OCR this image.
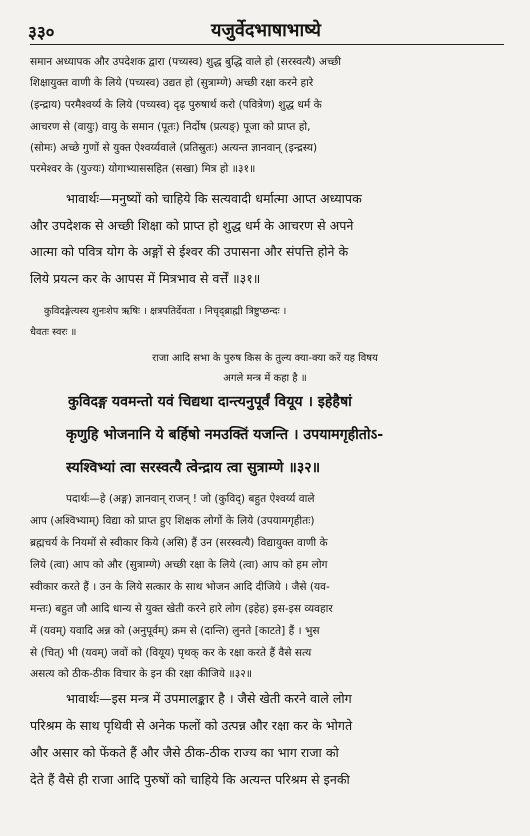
३३०	यजुर्वेदभाषाभाष्ये
समान अध्यापक और उपदेशक द्वारा (पच्यस्व) शुद्ध बुद्धि वाले हो (सरस्वत्यै) अच्छी
शिक्षायुक्त वाणी के लिये (पच्यस्व) उद्यत हो (सुत्राम्णे) अच्छी रक्षा करने हारे
(इन्द्राय) परमैश्वर्य्य के लिये (पच्यस्व) दृढ़ पुरुषार्थ करो (पवित्रेण) शुद्ध धर्म के
आचरण से (वायुः) वायु के समान (पूतः) निर्दोष (प्रत्यङ्) पूजा को प्राप्त हो,
(सोमः) अच्छे गुणों से युक्त ऐश्वर्य्यवाले (प्रतिस्रुतः) अत्यन्त ज्ञानवान् (इन्द्रस्य)
परमेश्वर के (युज्यः) योगाभ्याससहित (सखा) मित्र हो ॥३१॥
भावार्थः—मनुष्यों को चाहिये कि सत्यवादी धर्मात्मा आप्त अध्यापक
और उपदेशक से अच्छी शिक्षा को प्राप्त हो शुद्ध धर्म के आचरण से अपने
आत्मा को पवित्र योग के अङ्गों से ईश्वर की उपासना और संपत्ति होने के
लिये प्रयत्न कर के आपस में मित्रभाव से वर्त्तें ॥३१॥
कुविदङ्गेत्यस्य शुनःशेप ऋषिः । क्षत्रपतिर्देवता । निचृद्ब्राह्मी त्रिष्टुप्छन्दः ।
धैवतः स्वरः ॥
राजा आदि सभा के पुरुष किस के तुल्य क्या-क्या करें यह विषय
अगले मन्त्र में कहा है ॥
कुविदङ्ग यवमन्तो यवं चिद्यथा दान्त्यनुपूर्वं वियूय । इहेहैषां
कृणुहि भोजनानि ये बर्हिषो नमउक्तिं यजन्ति । उपयामगृहीतोऽ-
स्यश्विभ्यां त्वा सरस्वत्यै त्वेन्द्राय त्वा सुत्राम्णे ॥३२॥
पदार्थः—हे (अङ्ग) ज्ञानवान् राजन् ! जो (कुविद्) बहुत ऐश्वर्य्य वाले
आप (अश्विभ्याम्) विद्या को प्राप्त हुए शिक्षक लोगों के लिये (उपयामगृहीतः)
ब्रह्मचर्य के नियमों से स्वीकार किये (असि) हैं उन (सरस्वत्यै) विद्यायुक्त वाणी के
लिये (त्वा) आप को और (सुत्राम्णे) अच्छी रक्षा के लिये (त्वा) आप को हम लोग
स्वीकार करते हैं । उन के लिये सत्कार के साथ भोजन आदि दीजिये । जैसे (यव-
मन्तः) बहुत जौ आदि धान्य से युक्त खेती करने हारे लोग (इहेह) इस-इस व्यवहार
में (यवम्) यवादि अन्न को (अनुपूर्वम्) क्रम से (दान्ति) लुनते [काटते] हैं । भुस
से (चित्) भी (यवम्) जवों को (वियूय) पृथक् कर के रक्षा करते हैं वैसे सत्य
असत्य को ठीक-ठीक विचार के इन की रक्षा कीजिये ॥३२॥
भावार्थः—इस मन्त्र में उपमालङ्कार है । जैसे खेती करने वाले लोग
परिश्रम के साथ पृथिवी से अनेक फलों को उत्पन्न और रक्षा कर के भोगते
और असार को फेंकते हैं और जैसे ठीक-ठीक राज्य का भाग राजा को
देते हैं वैसे ही राजा आदि पुरुषों को चाहिये कि अत्यन्त परिश्रम से इनकी
